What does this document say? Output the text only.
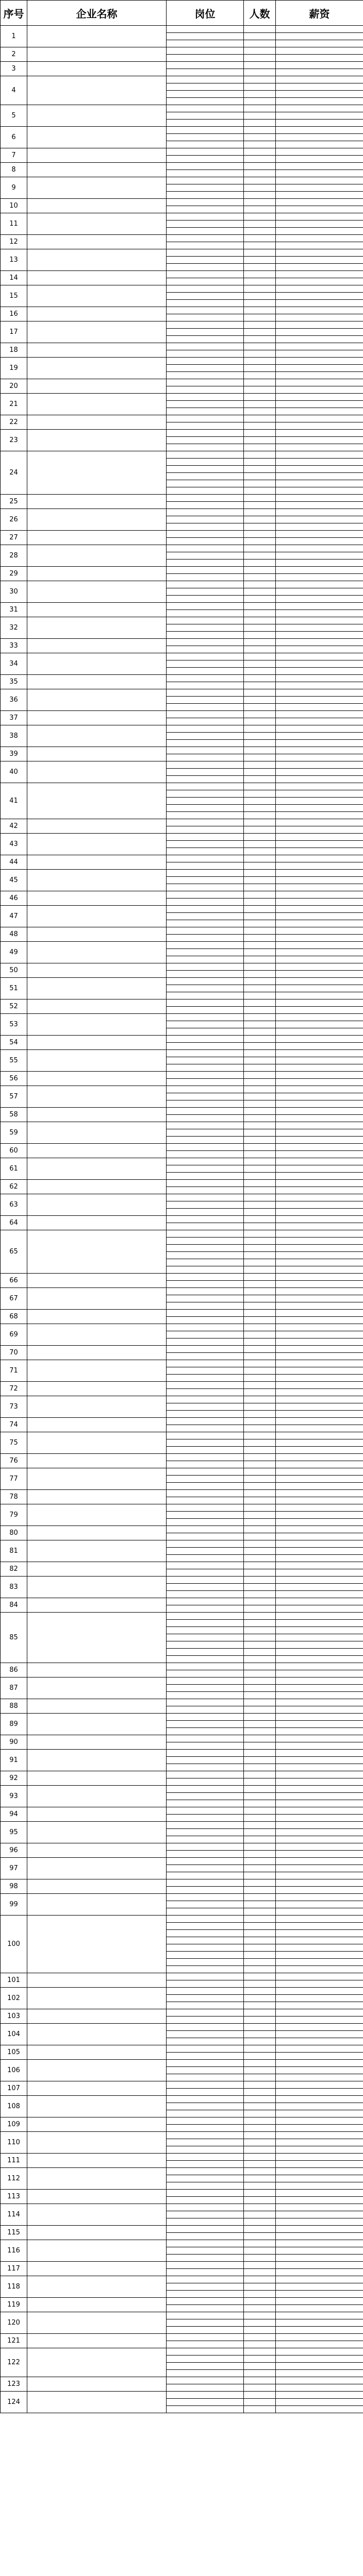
序号	企业名称	岗位	人数	薪资
1				

2				

3				

4				

5				

6				

7				

8				

9				

10				

11				

12				

13				

14				

15				

16				

17				

18				

19				

20				

21				

22				

23				

24				

25				

26				

27				

28				

29				

30				

31				

32				

33				

34				

35				

36				

37				

38				

39				

40				

41				

42				

43				

44				

45				

46				

47				

48				

49				

50				

51				

52				

53				

54				

55				

56				

57				

58				

59				

60				

61				

62				

63				

64				

65				

66				

67				

68				

69				

70				

71				

72				

73				

74				

75				

76				

77				

78				

79				

80				

81				

82				

83				

84				

85				

86				

87				

88				

89				

90				

91				

92				

93				

94				

95				

96				

97				

98				

99				

100				

101				

102				

103				

104				

105				

106				

107				

108				

109				

110				

111				

112				

113				

114				

115				

116				

117				

118				

119				

120				

121				

122				

123				

124				
